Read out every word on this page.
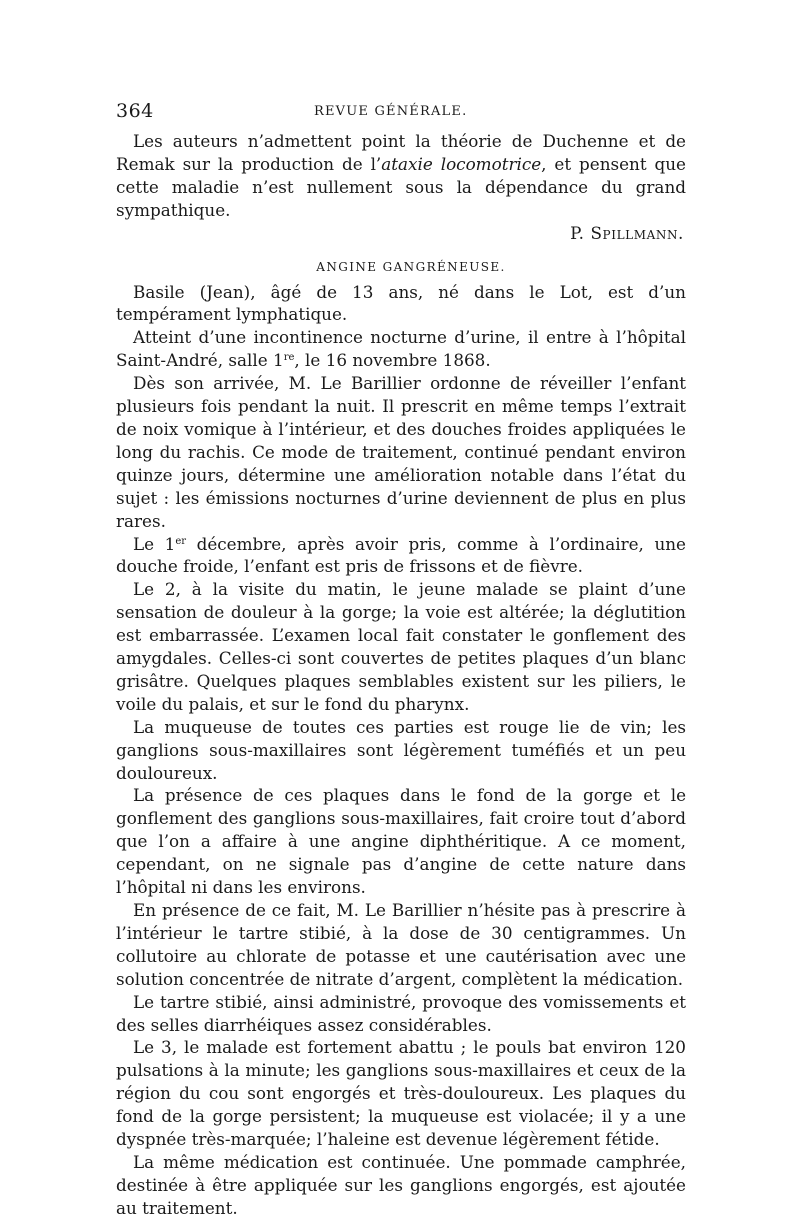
364	REVUE GÉNÉRALE.

Les auteurs n’admettent point la théorie de Duchenne et de Remak sur la production de l’ataxie locomotrice, et pensent que cette maladie n’est nullement sous la dépendance du grand sympathique.

P. Spillmann.

ANGINE GANGRÉNEUSE.

Basile (Jean), âgé de 13 ans, né dans le Lot, est d’un tempérament lymphatique.

Atteint d’une incontinence nocturne d’urine, il entre à l’hôpital Saint-André, salle 1re, le 16 novembre 1868.

Dès son arrivée, M. Le Barillier ordonne de réveiller l’enfant plusieurs fois pendant la nuit. Il prescrit en même temps l’extrait de noix vomique à l’intérieur, et des douches froides appliquées le long du rachis. Ce mode de traitement, continué pendant environ quinze jours, détermine une amélioration notable dans l’état du sujet : les émissions nocturnes d’urine deviennent de plus en plus rares.

Le 1er décembre, après avoir pris, comme à l’ordinaire, une douche froide, l’enfant est pris de frissons et de fièvre.

Le 2, à la visite du matin, le jeune malade se plaint d’une sensation de douleur à la gorge; la voie est altérée; la déglutition est embarrassée. L’examen local fait constater le gonflement des amygdales. Celles-ci sont couvertes de petites plaques d’un blanc grisâtre. Quelques plaques semblables existent sur les piliers, le voile du palais, et sur le fond du pharynx.

La muqueuse de toutes ces parties est rouge lie de vin; les ganglions sous-maxillaires sont légèrement tuméfiés et un peu douloureux.

La présence de ces plaques dans le fond de la gorge et le gonflement des ganglions sous-maxillaires, fait croire tout d’abord que l’on a affaire à une angine diphthéritique. A ce moment, cependant, on ne signale pas d’angine de cette nature dans l’hôpital ni dans les environs.

En présence de ce fait, M. Le Barillier n’hésite pas à prescrire à l’intérieur le tartre stibié, à la dose de 30 centigrammes. Un collutoire au chlorate de potasse et une cautérisation avec une solution concentrée de nitrate d’argent, complètent la médication.

Le tartre stibié, ainsi administré, provoque des vomissements et des selles diarrhéiques assez considérables.

Le 3, le malade est fortement abattu ; le pouls bat environ 120 pulsations à la minute; les ganglions sous-maxillaires et ceux de la région du cou sont engorgés et très-douloureux. Les plaques du fond de la gorge persistent; la muqueuse est violacée; il y a une dyspnée très-marquée; l’haleine est devenue légèrement fétide.

La même médication est continuée. Une pommade camphrée, destinée à être appliquée sur les ganglions engorgés, est ajoutée au traitement.
